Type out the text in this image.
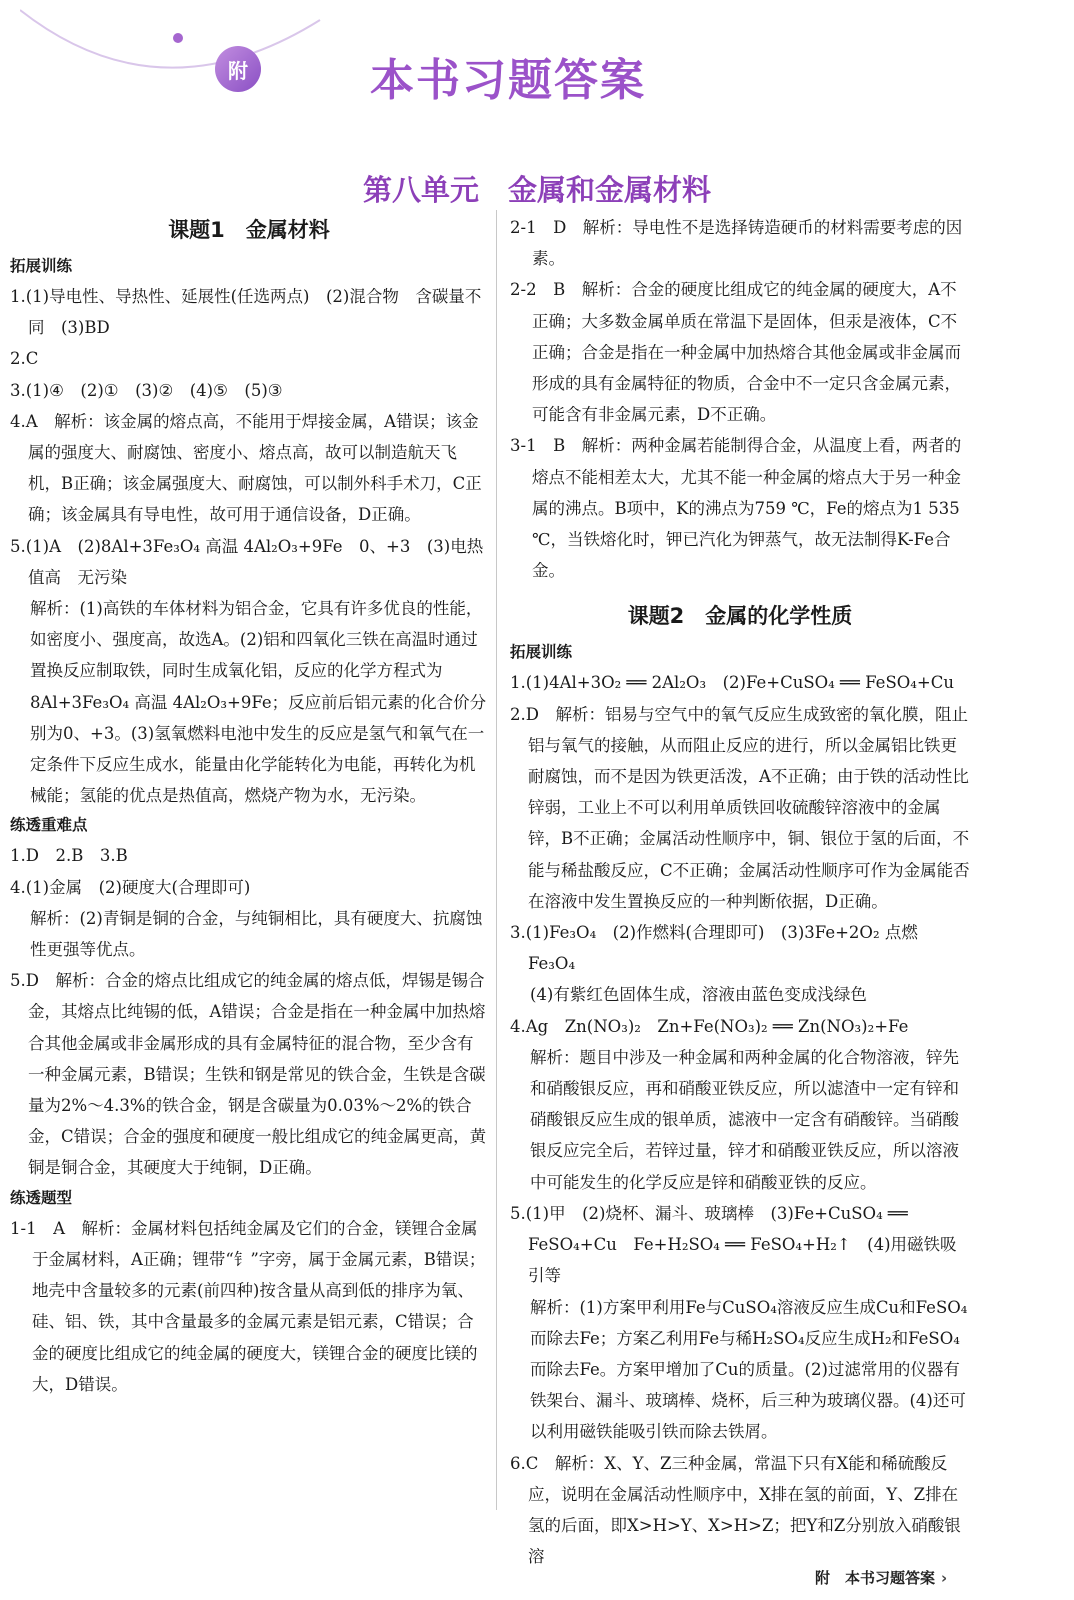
附	本书习题答案
第八单元　金属和金属材料
课题1　金属材料
拓展训练

1.(1)导电性、导热性、延展性(任选两点)　(2)混合物　含碳量不同　(3)BD

2.C

3.(1)④　(2)①　(3)②　(4)⑤　(5)③

4.A　解析：该金属的熔点高，不能用于焊接金属，A错误；该金属的强度大、耐腐蚀、密度小、熔点高，故可以制造航天飞机，B正确；该金属强度大、耐腐蚀，可以制外科手术刀，C正确；该金属具有导电性，故可用于通信设备，D正确。

5.(1)A　(2)8Al+3Fe₃O₄ 高温 4Al₂O₃+9Fe　0、+3　(3)电热值高　无污染

解析：(1)高铁的车体材料为铝合金，它具有许多优良的性能，如密度小、强度高，故选A。(2)铝和四氧化三铁在高温时通过置换反应制取铁，同时生成氧化铝，反应的化学方程式为8Al+3Fe₃O₄ 高温 4Al₂O₃+9Fe；反应前后铝元素的化合价分别为0、+3。(3)氢氧燃料电池中发生的反应是氢气和氧气在一定条件下反应生成水，能量由化学能转化为电能，再转化为机械能；氢能的优点是热值高，燃烧产物为水，无污染。

练透重难点

1.D　2.B　3.B

4.(1)金属　(2)硬度大(合理即可)

解析：(2)青铜是铜的合金，与纯铜相比，具有硬度大、抗腐蚀性更强等优点。

5.D　解析：合金的熔点比组成它的纯金属的熔点低，焊锡是锡合金，其熔点比纯锡的低，A错误；合金是指在一种金属中加热熔合其他金属或非金属形成的具有金属特征的混合物，至少含有一种金属元素，B错误；生铁和钢是常见的铁合金，生铁是含碳量为2%～4.3%的铁合金，钢是含碳量为0.03%～2%的铁合金，C错误；合金的强度和硬度一般比组成它的纯金属更高，黄铜是铜合金，其硬度大于纯铜，D正确。

练透题型

1-1　A　解析：金属材料包括纯金属及它们的合金，镁锂合金属于金属材料，A正确；锂带“钅”字旁，属于金属元素，B错误；地壳中含量较多的元素(前四种)按含量从高到低的排序为氧、硅、铝、铁，其中含量最多的金属元素是铝元素，C错误；合金的硬度比组成它的纯金属的硬度大，镁锂合金的硬度比镁的大，D错误。

2-1　D　解析：导电性不是选择铸造硬币的材料需要考虑的因素。

2-2　B　解析：合金的硬度比组成它的纯金属的硬度大，A不正确；大多数金属单质在常温下是固体，但汞是液体，C不正确；合金是指在一种金属中加热熔合其他金属或非金属而形成的具有金属特征的物质，合金中不一定只含金属元素，可能含有非金属元素，D不正确。

3-1　B　解析：两种金属若能制得合金，从温度上看，两者的熔点不能相差太大，尤其不能一种金属的熔点大于另一种金属的沸点。B项中，K的沸点为759 ℃，Fe的熔点为1 535 ℃，当铁熔化时，钾已汽化为钾蒸气，故无法制得K-Fe合金。

课题2　金属的化学性质
拓展训练

1.(1)4Al+3O₂ ══ 2Al₂O₃　(2)Fe+CuSO₄ ══ FeSO₄+Cu

2.D　解析：铝易与空气中的氧气反应生成致密的氧化膜，阻止铝与氧气的接触，从而阻止反应的进行，所以金属铝比铁更耐腐蚀，而不是因为铁更活泼，A不正确；由于铁的活动性比锌弱，工业上不可以利用单质铁回收硫酸锌溶液中的金属锌，B不正确；金属活动性顺序中，铜、银位于氢的后面，不能与稀盐酸反应，C不正确；金属活动性顺序可作为金属能否在溶液中发生置换反应的一种判断依据，D正确。

3.(1)Fe₃O₄　(2)作燃料(合理即可)　(3)3Fe+2O₂ 点燃 Fe₃O₄

(4)有紫红色固体生成，溶液由蓝色变成浅绿色

4.Ag　Zn(NO₃)₂　Zn+Fe(NO₃)₂ ══ Zn(NO₃)₂+Fe

解析：题目中涉及一种金属和两种金属的化合物溶液，锌先和硝酸银反应，再和硝酸亚铁反应，所以滤渣中一定有锌和硝酸银反应生成的银单质，滤液中一定含有硝酸锌。当硝酸银反应完全后，若锌过量，锌才和硝酸亚铁反应，所以溶液中可能发生的化学反应是锌和硝酸亚铁的反应。

5.(1)甲　(2)烧杯、漏斗、玻璃棒　(3)Fe+CuSO₄ ══ FeSO₄+Cu　Fe+H₂SO₄ ══ FeSO₄+H₂↑　(4)用磁铁吸引等

解析：(1)方案甲利用Fe与CuSO₄溶液反应生成Cu和FeSO₄而除去Fe；方案乙利用Fe与稀H₂SO₄反应生成H₂和FeSO₄而除去Fe。方案甲增加了Cu的质量。(2)过滤常用的仪器有铁架台、漏斗、玻璃棒、烧杯，后三种为玻璃仪器。(4)还可以利用磁铁能吸引铁而除去铁屑。

6.C　解析：X、Y、Z三种金属，常温下只有X能和稀硫酸反应，说明在金属活动性顺序中，X排在氢的前面，Y、Z排在氢的后面，即X>H>Y、X>H>Z；把Y和Z分别放入硝酸银溶

附　本书习题答案 ›
